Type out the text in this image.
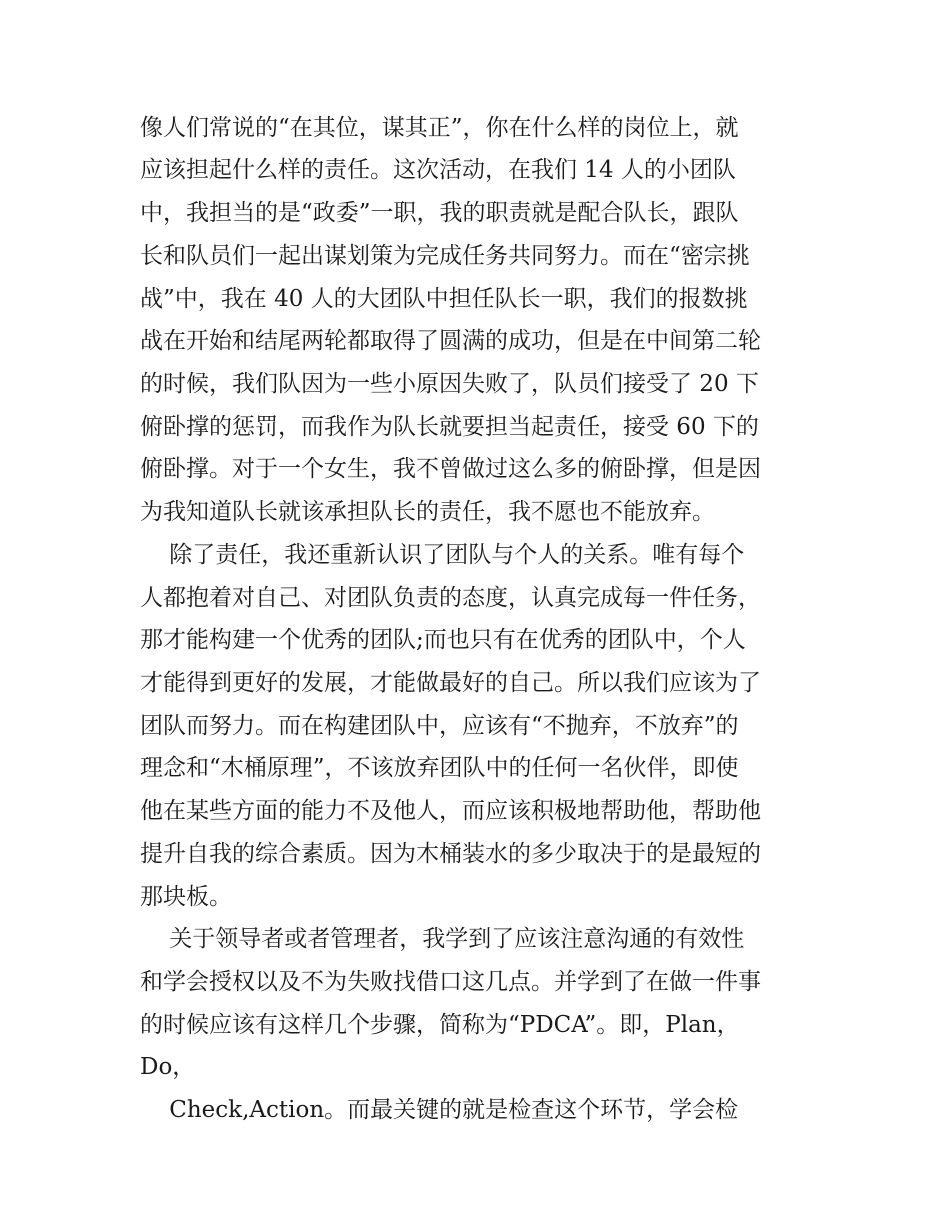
像人们常说的“在其位，谋其正”，你在什么样的岗位上，就
应该担起什么样的责任。这次活动，在我们 14 人的小团队
中，我担当的是“政委”一职，我的职责就是配合队长，跟队
长和队员们一起出谋划策为完成任务共同努力。而在“密宗挑
战”中，我在 40 人的大团队中担任队长一职，我们的报数挑
战在开始和结尾两轮都取得了圆满的成功，但是在中间第二轮
的时候，我们队因为一些小原因失败了，队员们接受了 20 下
俯卧撑的惩罚，而我作为队长就要担当起责任，接受 60 下的
俯卧撑。对于一个女生，我不曾做过这么多的俯卧撑，但是因
为我知道队长就该承担队长的责任，我不愿也不能放弃。
除了责任，我还重新认识了团队与个人的关系。唯有每个
人都抱着对自己、对团队负责的态度，认真完成每一件任务，
那才能构建一个优秀的团队;而也只有在优秀的团队中，个人
才能得到更好的发展，才能做最好的自己。所以我们应该为了
团队而努力。而在构建团队中，应该有“不抛弃，不放弃”的
理念和“木桶原理”，不该放弃团队中的任何一名伙伴，即使
他在某些方面的能力不及他人，而应该积极地帮助他，帮助他
提升自我的综合素质。因为木桶装水的多少取决于的是最短的
那块板。
关于领导者或者管理者，我学到了应该注意沟通的有效性
和学会授权以及不为失败找借口这几点。并学到了在做一件事
的时候应该有这样几个步骤，简称为“PDCA”。即，Plan，
Do，
Check,Action。而最关键的就是检查这个环节，学会检
